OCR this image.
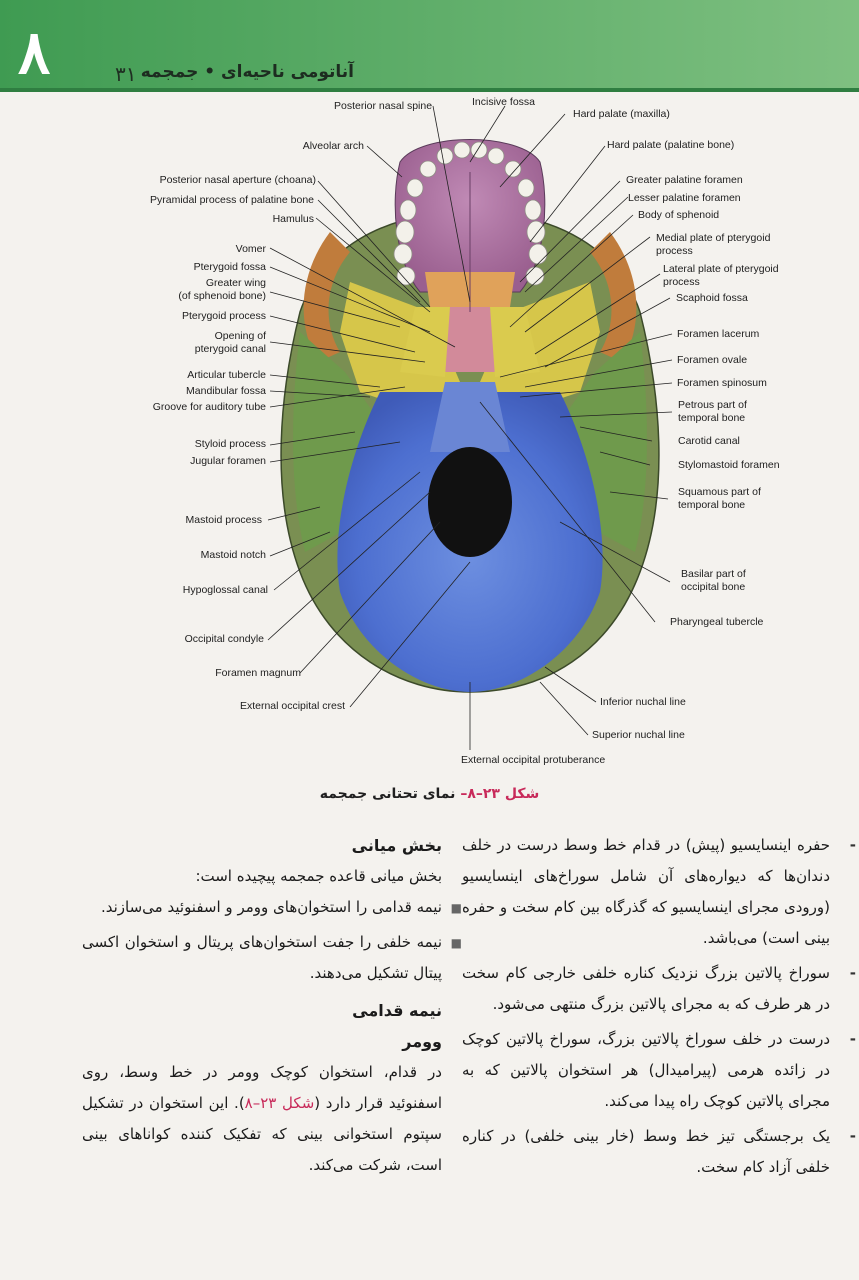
۸	۳۱ آناتومی ناحیه‌ای • جمجمه
Posterior nasal spine	Incisive fossa
Hard palate (maxilla)
Alveolar arch	Hard palate (palatine bone)
Posterior nasal aperture (choana)	Greater palatine foramen
Pyramidal process of palatine bone	Lesser palatine foramen
Hamulus	Body of sphenoid
Medial plate of pterygoid
process
Vomer
Lateral plate of pterygoid
process
Pterygoid fossa
Greater wing
(of sphenoid bone)	Scaphoid fossa
Pterygoid process
Foramen lacerum
Opening of
pterygoid canal
Foramen ovale
Articular tubercle
Foramen spinosum
Mandibular fossa
Groove for auditory tube	Petrous part of
temporal bone
Styloid process	Carotid canal
Jugular foramen	Stylomastoid foramen
Squamous part of
temporal bone
Mastoid process
Mastoid notch
Basilar part of
occipital bone
Hypoglossal canal
Pharyngeal tubercle
Occipital condyle
Foramen magnum
Inferior nuchal line
External occipital crest
Superior nuchal line
External occipital protuberance
شکل ۲۳–۸– نمای تحتانی جمجمه
-

حفره اینسایسیو (پیش) در قدام خط وسط درست در خلف دندان‌ها که دیواره‌های آن شامل سوراخ‌های اینسایسیو (ورودی مجرای اینسایسیو که گذرگاه بین کام سخت و حفره بینی است) می‌باشد.

-

سوراخ پالاتین بزرگ نزدیک کناره خلفی خارجی کام سخت در هر طرف که به مجرای پالاتین بزرگ منتهی می‌شود.

-

درست در خلف سوراخ پالاتین بزرگ، سوراخ پالاتین کوچک در زائده هرمی (پیرامیدال) هر استخوان پالاتین که به مجرای پالاتین کوچک راه پیدا می‌کند.

-

یک برجستگی تیز خط وسط (خار بینی خلفی) در کناره خلفی آزاد کام سخت.

بخش میانی

بخش میانی قاعده جمجمه پیچیده است:

■

نیمه قدامی را استخوان‌های وومر و اسفنوئید می‌سازند.

■

نیمه خلفی را جفت استخوان‌های پریتال و استخوان اکسی پیتال تشکیل می‌دهند.

نیمه قدامی

وومر

در قدام، استخوان کوچک وومر در خط وسط، روی اسفنوئید قرار دارد (شکل ۲۳–۸). این استخوان در تشکیل سپتوم استخوانی بینی که تفکیک کننده کوانا‌های بینی است، شرکت می‌کند.
